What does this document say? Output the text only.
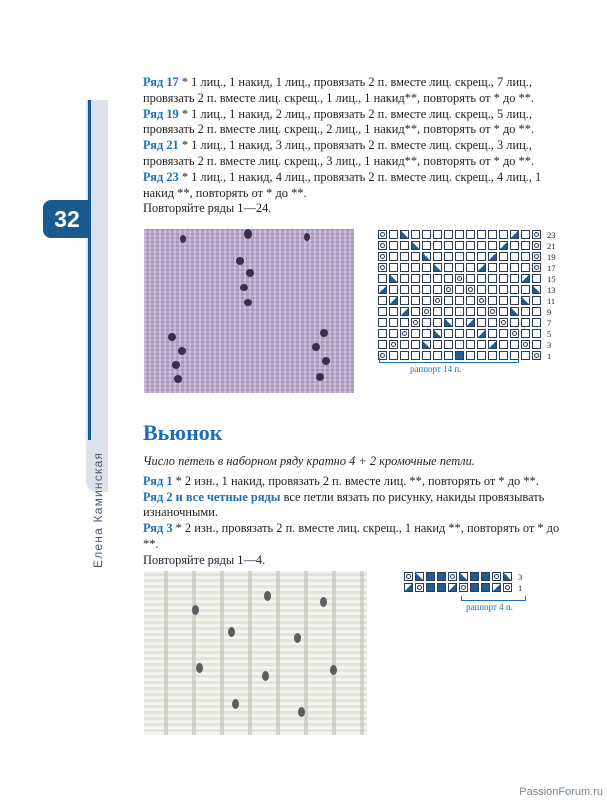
32
Елена Каминская

Ряд 17 * 1 лиц., 1 накид, 1 лиц., провязать 2 п. вместе лиц. скрещ., 7 лиц., провязать 2 п. вместе лиц. скрещ., 1 лиц., 1 накид**, повторять от * до **.

Ряд 19 * 1 лиц., 1 накид, 2 лиц., провязать 2 п. вместе лиц. скрещ., 5 лиц., провязать 2 п. вместе лиц. скрещ., 2 лиц., 1 накид**, повторять от * до **.

Ряд 21 * 1 лиц., 1 накид, 3 лиц., провязать 2 п. вместе лиц. скрещ., 3 лиц., провязать 2 п. вместе лиц. скрещ., 3 лиц., 1 накид**, повторять от * до **.

Ряд 23 * 1 лиц., 1 накид, 4 лиц., провязать 2 п. вместе лиц. скрещ., 4 лиц., 1 накид **, повторять от * до **.

Повторяйте ряды 1—24.

23
21
19
17
15
13
11
9
7
5
3
1
раппорт 14 п.
Вьюнок

Число петель в наборном ряду кратно 4 + 2 кромочные петли.

Ряд 1 * 2 изн., 1 накид, провязать 2 п. вместе лиц. **, повторять от * до **.

Ряд 2 и все четные ряды все петли вязать по рисунку, накиды провязывать изнаночными.

Ряд 3 * 2 изн., провязать 2 п. вместе лиц. скрещ., 1 накид **, повторять от * до **.

Повторяйте ряды 1—4.

3
1
раппорт 4 п.
PassionForum.ru
